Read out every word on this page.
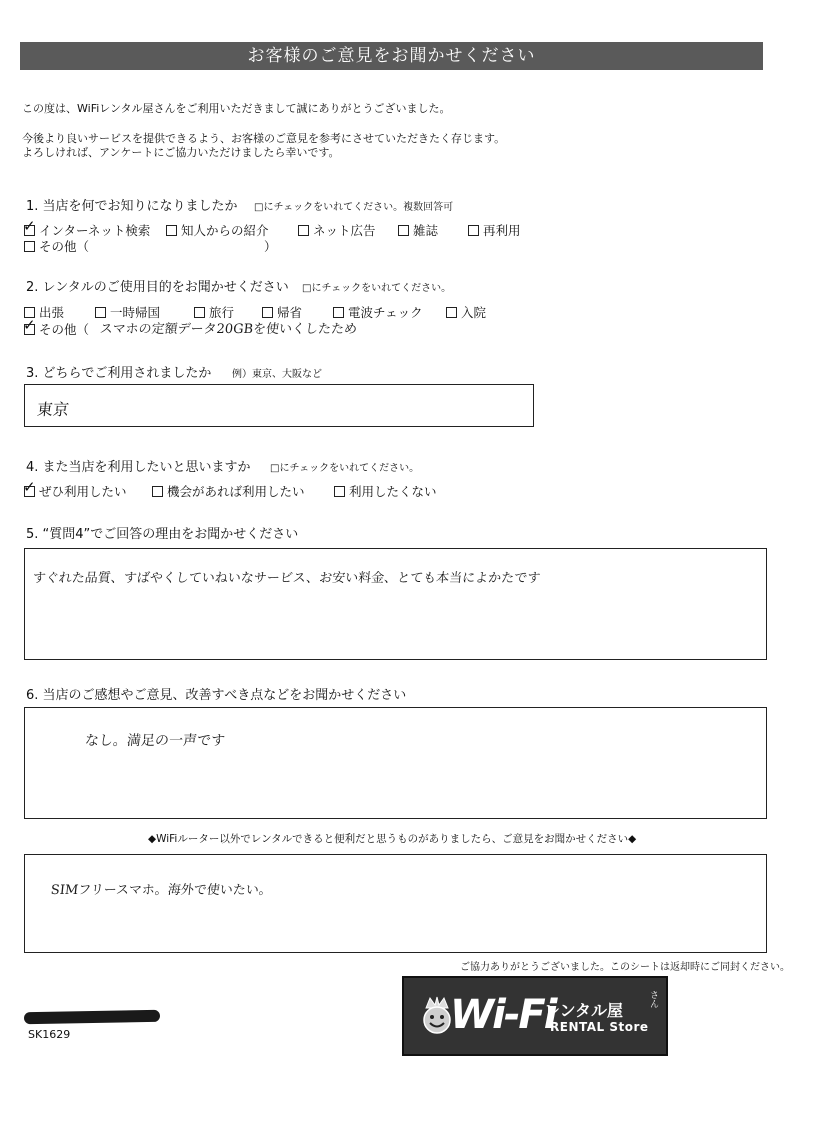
お客様のご意見をお聞かせください
この度は、WiFiレンタル屋さんをご利用いただきまして誠にありがとうございました。
今後より良いサービスを提供できるよう、お客様のご意見を参考にさせていただきたく存じます。
よろしければ、アンケートにご協力いただけましたら幸いです。
1. 当店を何でお知りになりましたか □にチェックをいれてください。複数回答可
✓ インターネット検索	知人からの紹介	ネット広告	雑誌	再利用
その他（	）
2. レンタルのご使用目的をお聞かせください □にチェックをいれてください。
出張	一時帰国	旅行	帰省	電波チェック	入院
✓ その他（ スマホの定額データ20GBを使いくしたため
3. どちらでご利用されましたか 例）東京、大阪など
東京
4. また当店を利用したいと思いますか □にチェックをいれてください。
✓ ぜひ利用したい	機会があれば利用したい	利用したくない
5. “質問4”でご回答の理由をお聞かせください
すぐれた品質、すばやくしていねいなサービス、お安い料金、とても本当によかたです
6. 当店のご感想やご意見、改善すべき点などをお聞かせください
なし。満足の一声です
◆WiFiルーター以外でレンタルできると便利だと思うものがありましたら、ご意見をお聞かせください◆
SIMフリースマホ。海外で使いたい。
ご協力ありがとうございました。このシートは返却時にご同封ください。
SK1629	Wi-Fi
レンタル屋
さん
RENTAL Store
